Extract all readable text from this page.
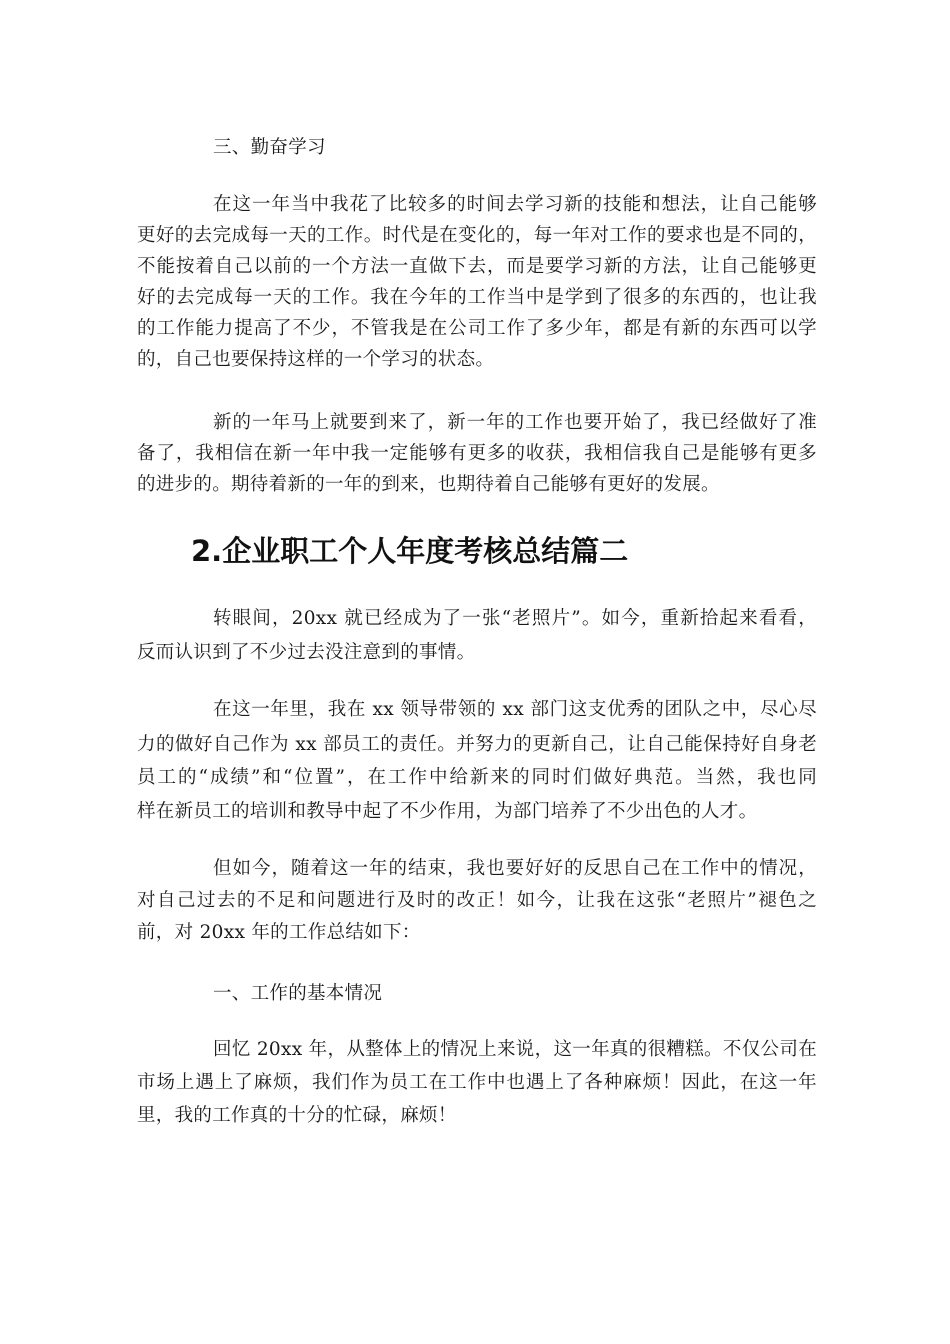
三、勤奋学习
在这一年当中我花了比较多的时间去学习新的技能和想法，让自己能够
更好的去完成每一天的工作。时代是在变化的，每一年对工作的要求也是不同的，
不能按着自己以前的一个方法一直做下去，而是要学习新的方法，让自己能够更
好的去完成每一天的工作。我在今年的工作当中是学到了很多的东西的，也让我
的工作能力提高了不少，不管我是在公司工作了多少年，都是有新的东西可以学
的，自己也要保持这样的一个学习的状态。
新的一年马上就要到来了，新一年的工作也要开始了，我已经做好了准
备了，我相信在新一年中我一定能够有更多的收获，我相信我自己是能够有更多
的进步的。期待着新的一年的到来，也期待着自己能够有更好的发展。
2.企业职工个人年度考核总结篇二
转眼间，20xx 就已经成为了一张“老照片”。如今，重新拾起来看看，
反而认识到了不少过去没注意到的事情。
在这一年里，我在 xx 领导带领的 xx 部门这支优秀的团队之中，尽心尽
力的做好自己作为 xx 部员工的责任。并努力的更新自己，让自己能保持好自身老
员工的“成绩”和“位置”，在工作中给新来的同时们做好典范。当然，我也同
样在新员工的培训和教导中起了不少作用，为部门培养了不少出色的人才。
但如今，随着这一年的结束，我也要好好的反思自己在工作中的情况，
对自己过去的不足和问题进行及时的改正！如今，让我在这张“老照片”褪色之
前，对 20xx 年的工作总结如下：
一、工作的基本情况
回忆 20xx 年，从整体上的情况上来说，这一年真的很糟糕。不仅公司在
市场上遇上了麻烦，我们作为员工在工作中也遇上了各种麻烦！因此，在这一年
里，我的工作真的十分的忙碌，麻烦！
